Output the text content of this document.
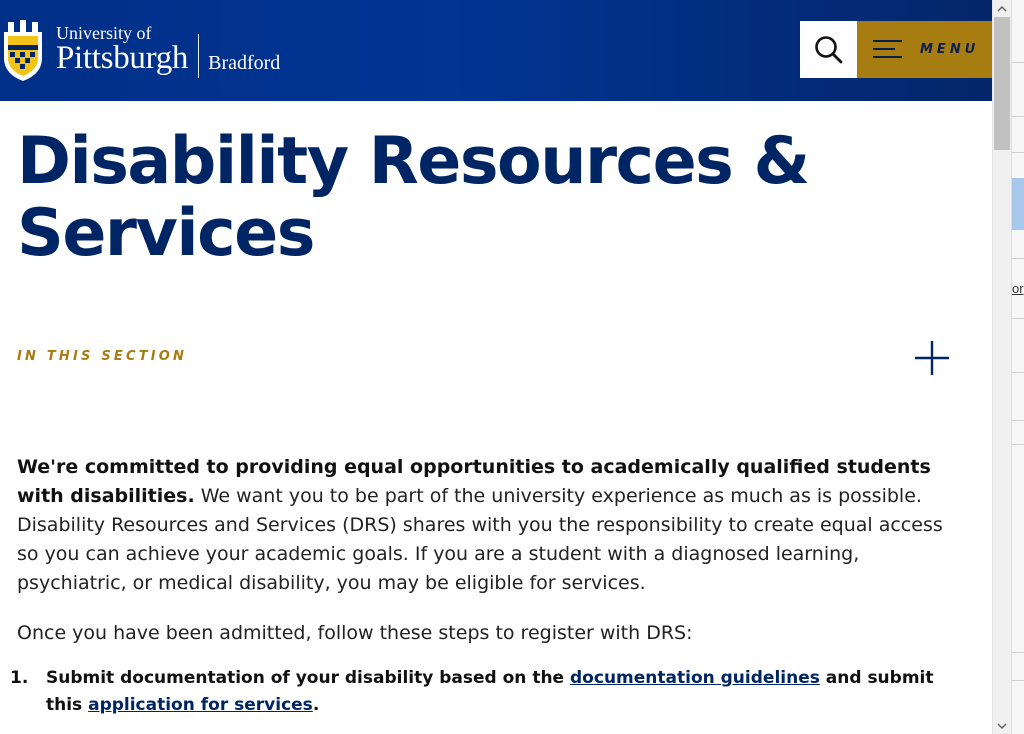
University of
Pittsburgh Bradford
MENU
Disability Resources &
Services
IN THIS SECTION

We're committed to providing equal opportunities to academically qualified students with disabilities. We want you to be part of the university experience as much as is possible. Disability Resources and Services (DRS) shares with you the responsibility to create equal access so you can achieve your academic goals. If you are a student with a diagnosed learning, psychiatric, or medical disability, you may be eligible for services.

Once you have been admitted, follow these steps to register with DRS:

1. Submit documentation of your disability based on the documentation guidelines and submit this application for services.
or
